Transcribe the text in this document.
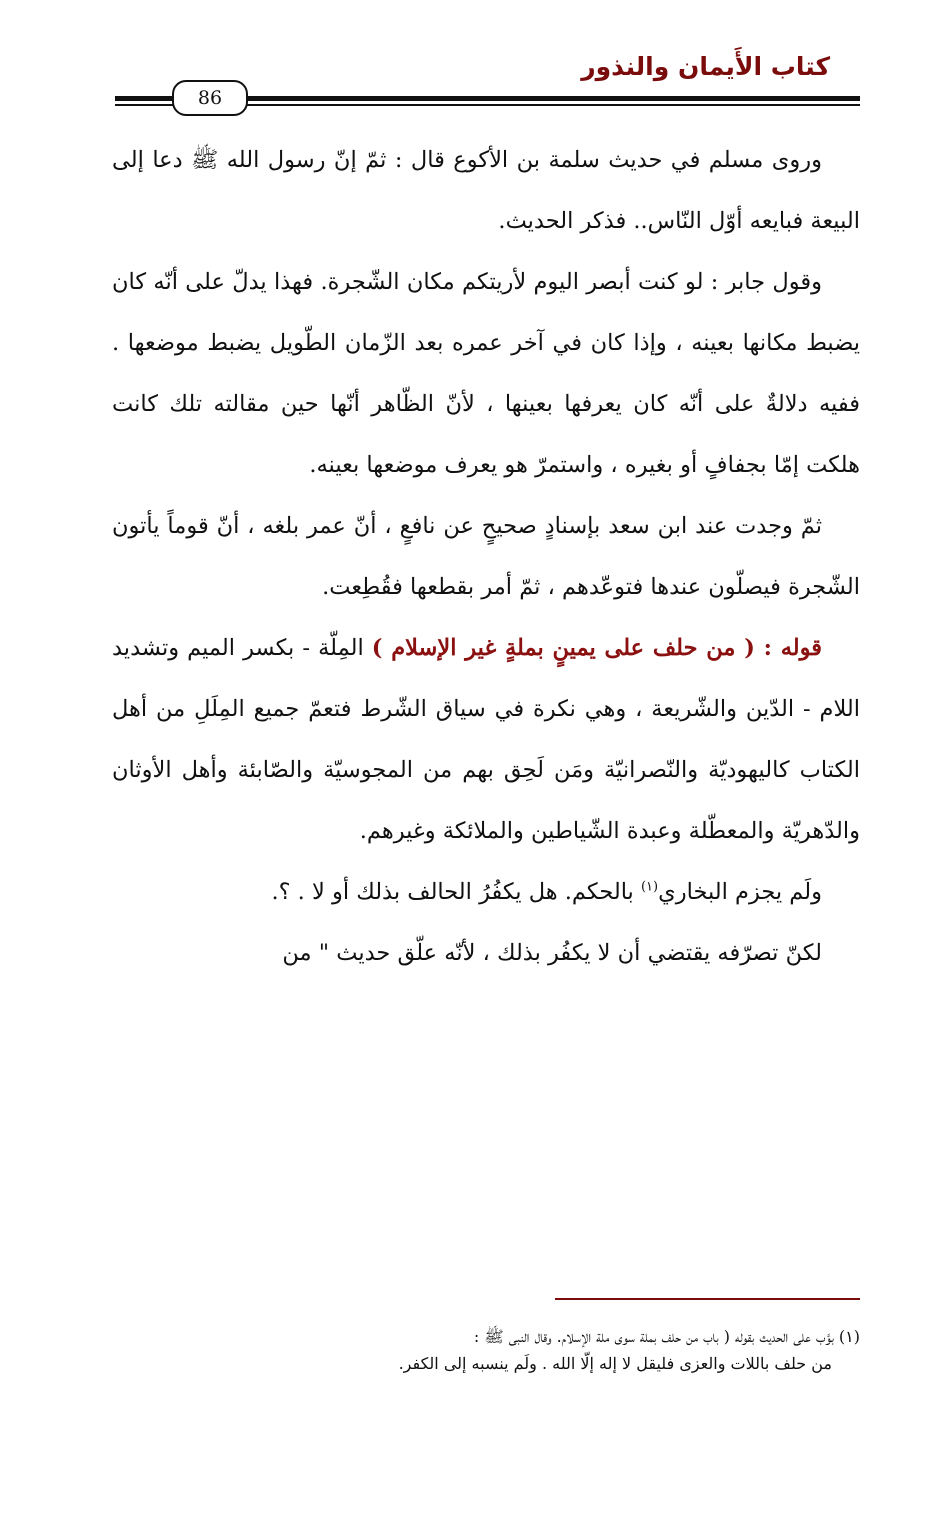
كتاب الأَيمان والنذور
86

وروى مسلم في حديث سلمة بن الأكوع قال : ثمّ إنّ رسول الله ﷺ دعا إلى البيعة فبايعه أوّل النّاس.. فذكر الحديث.

وقول جابر : لو كنت أبصر اليوم لأريتكم مكان الشّجرة. فهذا يدلّ على أنّه كان يضبط مكانها بعينه ، وإذا كان في آخر عمره بعد الزّمان الطّويل يضبط موضعها . ففيه دلالةٌ على أنّه كان يعرفها بعينها ، لأنّ الظّاهر أنّها حين مقالته تلك كانت هلكت إمّا بجفافٍ أو بغيره ، واستمرّ هو يعرف موضعها بعينه.

ثمّ وجدت عند ابن سعد بإسنادٍ صحيحٍ عن نافعٍ ، أنّ عمر بلغه ، أنّ قوماً يأتون الشّجرة فيصلّون عندها فتوعّدهم ، ثمّ أمر بقطعها فقُطِعت.

قوله : ( من حلف على يمينٍ بملةٍ غير الإسلام ) المِلّة - بكسر الميم وتشديد اللام - الدّين والشّريعة ، وهي نكرة في سياق الشّرط فتعمّ جميع المِلَلِ من أهل الكتاب كاليهوديّة والنّصرانيّة ومَن لَحِق بهم من المجوسيّة والصّابئة وأهل الأوثان والدّهريّة والمعطّلة وعبدة الشّياطين والملائكة وغيرهم.

ولَم يجزم البخاري$^{(١)}$ بالحكم. هل يكفُرُ الحالف بذلك أو لا . ؟.

لكنّ تصرّفه يقتضي أن لا يكفُر بذلك ، لأنّه علّق حديث " من

(١) بوَّب على الحديث بقوله ( باب من حلف بملة سوى ملة الإسلام. وقال النبى ﷺ :

من حلف باللات والعزى فليقل لا إله إلّا الله . ولَم ينسبه إلى الكفر.
